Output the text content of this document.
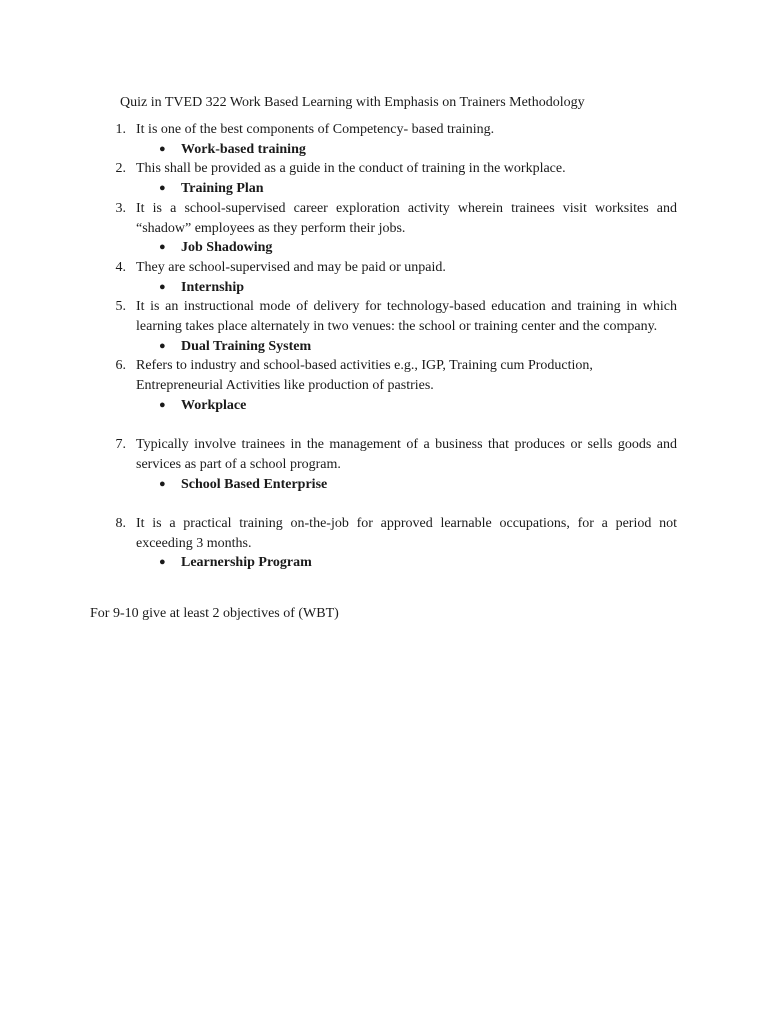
Quiz in TVED 322 Work Based Learning with Emphasis on Trainers Methodology
1. It is one of the best components of Competency- based training.
● Work-based training
2. This shall be provided as a guide in the conduct of training in the workplace.
● Training Plan
3. It is a school-supervised career exploration activity wherein trainees visit worksites and “shadow” employees as they perform their jobs.
● Job Shadowing
4. They are school-supervised and may be paid or unpaid.
● Internship
5. It is an instructional mode of delivery for technology-based education and training in which learning takes place alternately in two venues: the school or training center and the company.
● Dual Training System
6. Refers to industry and school-based activities e.g., IGP, Training cum Production, Entrepreneurial Activities like production of pastries.
● Workplace
7. Typically involve trainees in the management of a business that produces or sells goods and services as part of a school program.
● School Based Enterprise
8. It is a practical training on-the-job for approved learnable occupations, for a period not exceeding 3 months.
● Learnership Program
For 9-10 give at least 2 objectives of (WBT)
